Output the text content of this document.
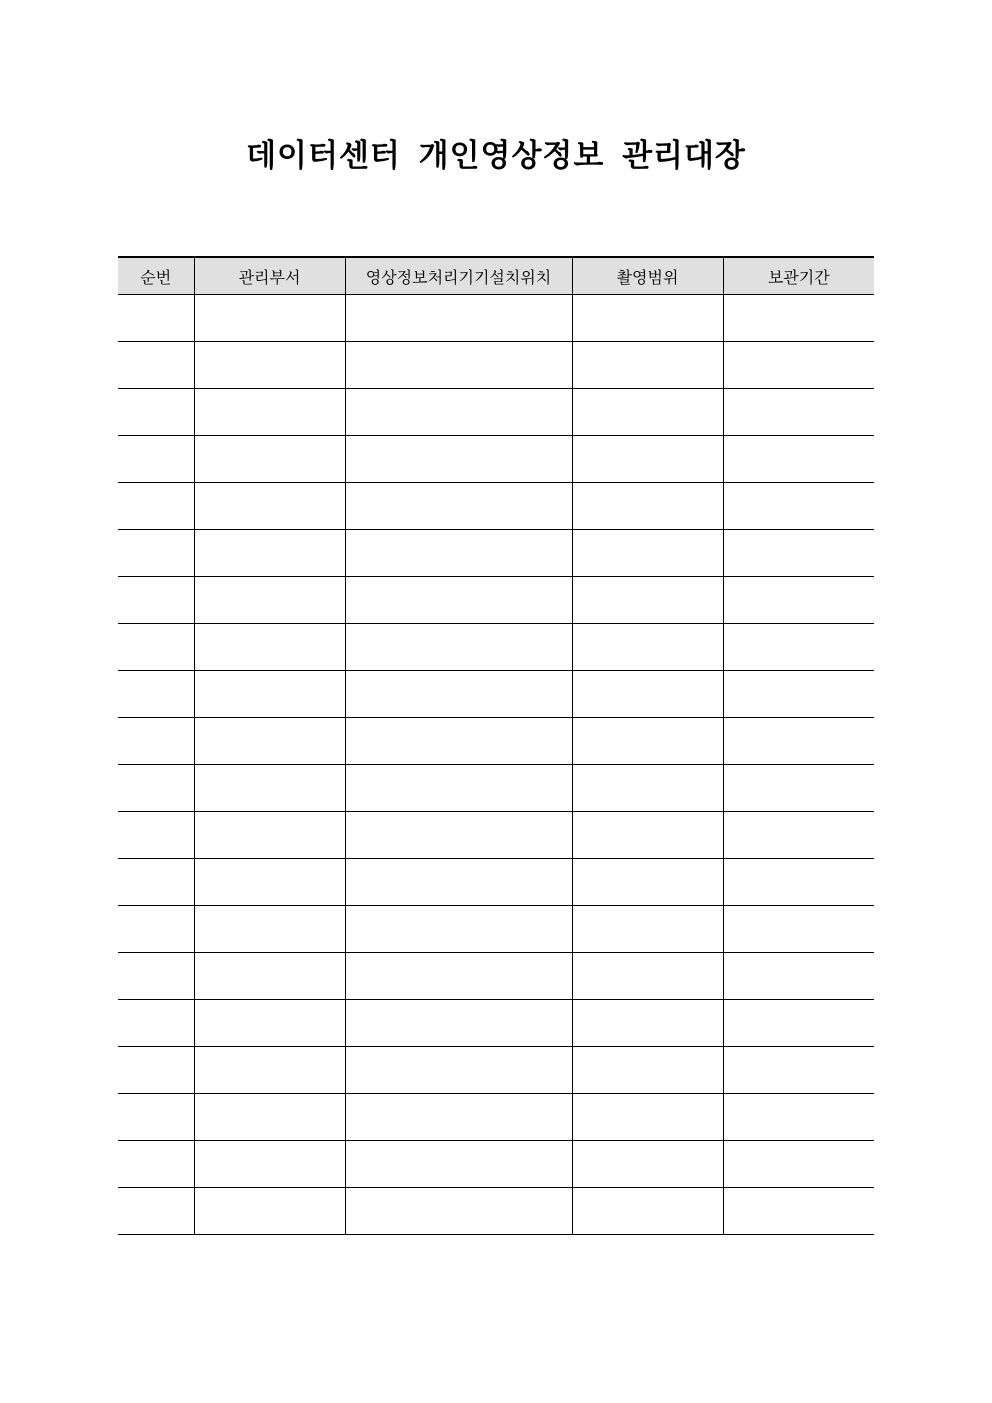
데이터센터 개인영상정보 관리대장
순번	관리부서	영상정보처리기기설치위치	촬영범위	보관기간
